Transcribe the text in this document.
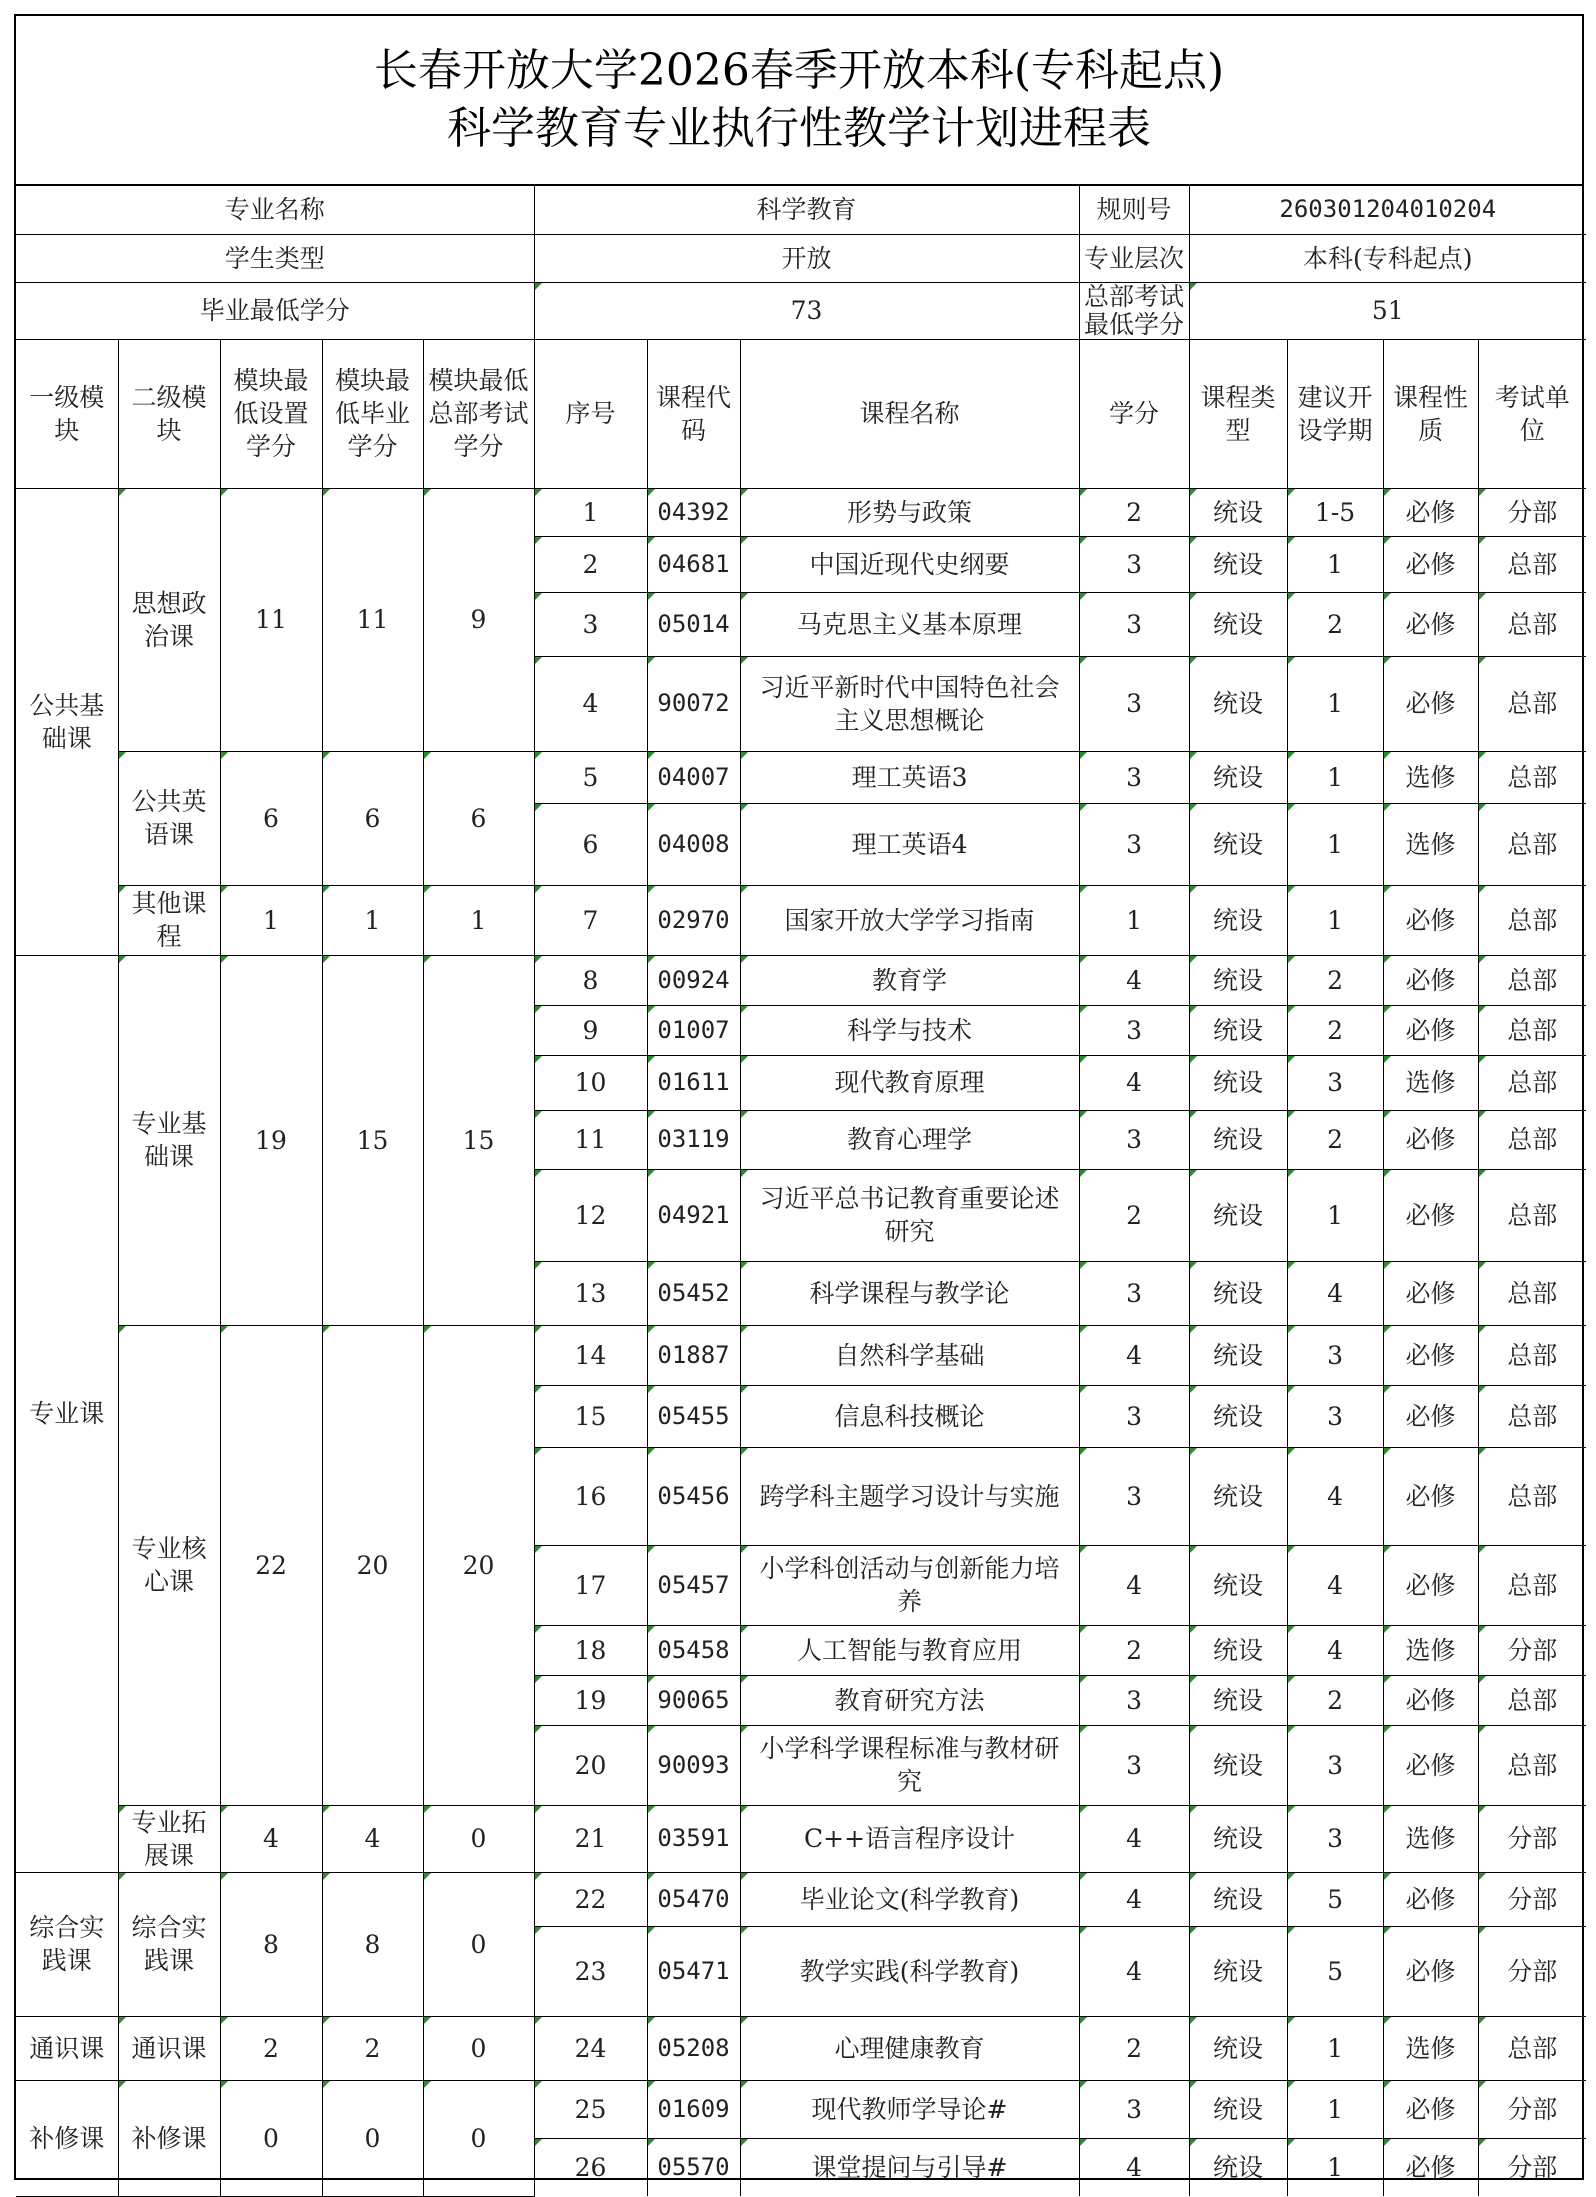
长春开放大学2026春季开放本科(专科起点)
科学教育专业执行性教学计划进程表
专业名称					科学教育			规则号	260301204010204			
学生类型					开放			专业层次	本科(专科起点)			
毕业最低学分					73			总部考试最低学分	51			
一级模块	二级模块	模块最低设置学分	模块最低毕业学分	模块最低总部考试学分	序号	课程代码	课程名称	学分	课程类型	建议开设学期	课程性质	考试单位
公共基础课	思想政治课	11	11	9	1	04392	形势与政策	2	统设	1-5	必修	分部
					2	04681	中国近现代史纲要	3	统设	1	必修	总部
					3	05014	马克思主义基本原理	3	统设	2	必修	总部
					4	90072	习近平新时代中国特色社会主义思想概论	3	统设	1	必修	总部
	公共英语课	6	6	6	5	04007	理工英语3	3	统设	1	选修	总部
					6	04008	理工英语4	3	统设	1	选修	总部
	其他课程	1	1	1	7	02970	国家开放大学学习指南	1	统设	1	必修	总部
专业课	专业基础课	19	15	15	8	00924	教育学	4	统设	2	必修	总部
					9	01007	科学与技术	3	统设	2	必修	总部
					10	01611	现代教育原理	4	统设	3	选修	总部
					11	03119	教育心理学	3	统设	2	必修	总部
					12	04921	习近平总书记教育重要论述研究	2	统设	1	必修	总部
					13	05452	科学课程与教学论	3	统设	4	必修	总部
	专业核心课	22	20	20	14	01887	自然科学基础	4	统设	3	必修	总部
					15	05455	信息科技概论	3	统设	3	必修	总部
					16	05456	跨学科主题学习设计与实施	3	统设	4	必修	总部
					17	05457	小学科创活动与创新能力培养	4	统设	4	必修	总部
					18	05458	人工智能与教育应用	2	统设	4	选修	分部
					19	90065	教育研究方法	3	统设	2	必修	总部
					20	90093	小学科学课程标准与教材研究	3	统设	3	必修	总部
	专业拓展课	4	4	0	21	03591	C++语言程序设计	4	统设	3	选修	分部
综合实践课	综合实践课	8	8	0	22	05470	毕业论文(科学教育)	4	统设	5	必修	分部
					23	05471	教学实践(科学教育)	4	统设	5	必修	分部
通识课	通识课	2	2	0	24	05208	心理健康教育	2	统设	1	选修	总部
补修课	补修课	0	0	0	25	01609	现代教师学导论#	3	统设	1	必修	分部
					26	05570	课堂提问与引导#	4	统设	1	必修	分部
